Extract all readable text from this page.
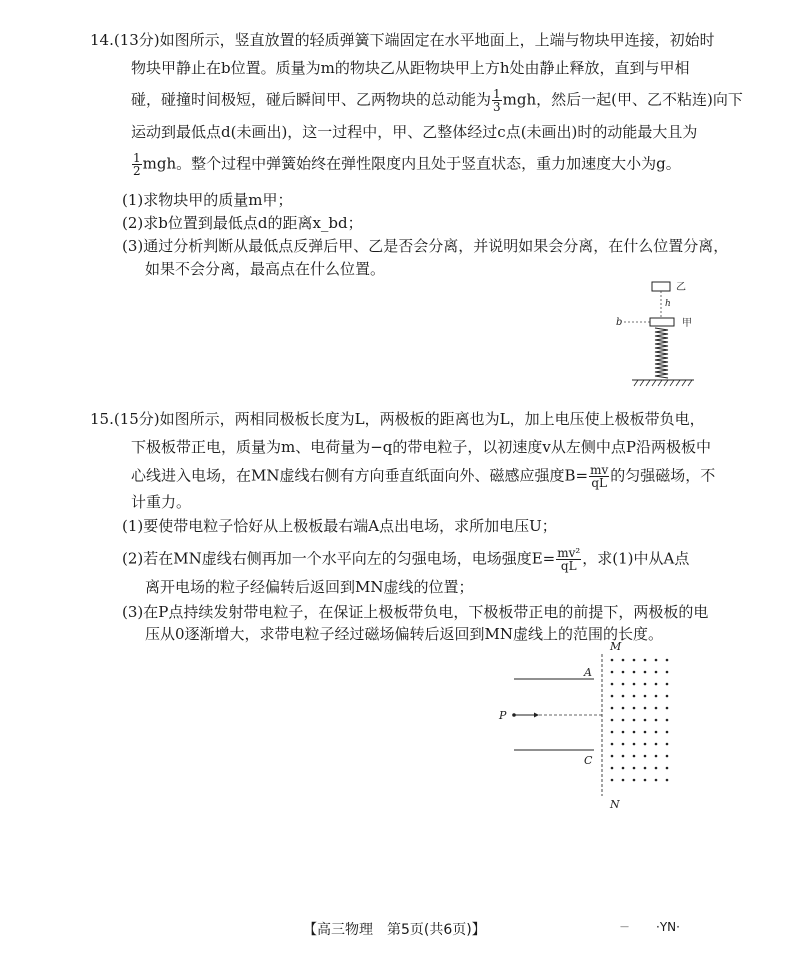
14.(13分)如图所示，竖直放置的轻质弹簧下端固定在水平地面上，上端与物块甲连接，初始时
物块甲静止在b位置。质量为m的物块乙从距物块甲上方h处由静止释放，直到与甲相
碰，碰撞时间极短，碰后瞬间甲、乙两物块的总动能为 $\frac{1}{3}$ mgh，然后一起(甲、乙不粘连)向下
运动到最低点d(未画出)，这一过程中，甲、乙整体经过c点(未画出)时的动能最大且为
$\frac{1}{2}$ mgh。整个过程中弹簧始终在弹性限度内且处于竖直状态，重力加速度大小为g。
(1)求物块甲的质量m甲；
(2)求b位置到最低点d的距离x_bd；
(3)通过分析判断从最低点反弹后甲、乙是否会分离，并说明如果会分离，在什么位置分离，
如果不会分离，最高点在什么位置。
乙
h
b	甲
15.(15分)如图所示，两相同极板长度为L，两极板的距离也为L，加上电压使上极板带负电，
下极板带正电，质量为m、电荷量为−q的带电粒子，以初速度v从左侧中点P沿两极板中
心线进入电场，在MN虚线右侧有方向垂直纸面向外、磁感应强度$B= \frac{mv}{qL}$ 的匀强磁场，不
计重力。
(1)要使带电粒子恰好从上极板最右端A点出电场，求所加电压U；
(2)若在MN虚线右侧再加一个水平向左的匀强电场，电场强度$E= \frac{\text{mv²}}{qL}$ ，求(1)中从A点
离开电场的粒子经偏转后返回到MN虚线的位置；
(3)在P点持续发射带电粒子，在保证上极板带负电，下极板带正电的前提下，两极板的电
压从0逐渐增大，求带电粒子经过磁场偏转后返回到MN虚线上的范围的长度。
M
N
A
C
P
【高三物理　第5页(共6页)】	— ·YN·
